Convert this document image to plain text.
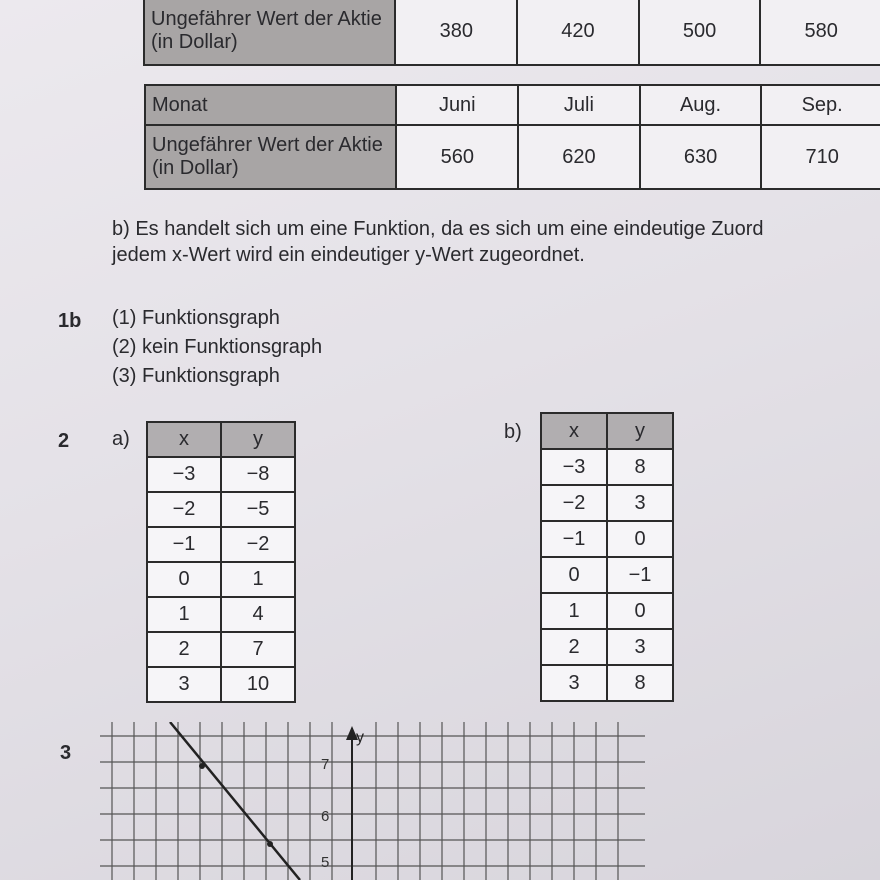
Ungefährer Wert der Aktie (in Dollar)	380	420	500	580
Monat	Juni	Juli	Aug.	Sep.
Ungefährer Wert der Aktie (in Dollar)	560	620	630	710
b) Es handelt sich um eine Funktion, da es sich um eine eindeutige Zuord
jedem x-Wert wird ein eindeutiger y-Wert zugeordnet.
1b (1) Funktionsgraph
(2) kein Funktionsgraph
(3) Funktionsgraph
2 a)	b)
x	y
−3	−8
−2	−5
−1	−2
0	1
1	4
2	7
3	10
x	y
−3	8
−2	3
−1	0
0	−1
1	0
2	3
3	8
3
y
7
6
5
